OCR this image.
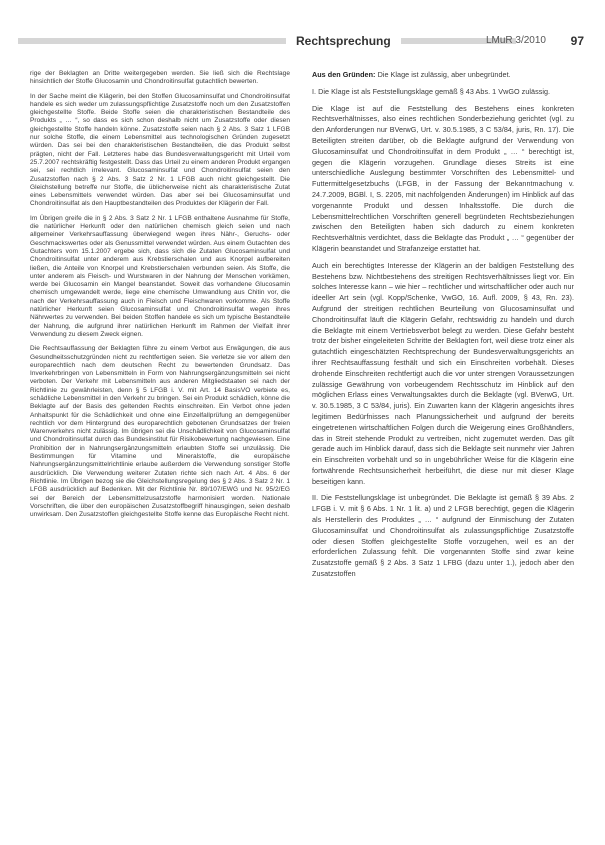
Rechtsprechung	LMuR 3/2010 97

rige der Beklagten an Dritte weitergegeben werden. Sie ließ sich die Rechtslage hinsichtlich der Stoffe Glucosamin und Chondroitinsulfat gutachtlich bewerten.

In der Sache meint die Klägerin, bei den Stoffen Glucosaminsulfat und Chondroitinsulfat handele es sich weder um zulassungspflichtige Zusatzstoffe noch um den Zusatzstoffen gleichgestellte Stoffe. Beide Stoffe seien die charakteristischen Bestandteile des Produkts „ … “, so dass es sich schon deshalb nicht um Zusatzstoffe oder diesen gleichgestellte Stoffe handeln könne. Zusatzstoffe seien nach § 2 Abs. 3 Satz 1 LFGB nur solche Stoffe, die einem Lebensmittel aus technologischen Gründen zugesetzt würden. Das sei bei den charakteristischen Bestandteilen, die das Produkt selbst prägten, nicht der Fall. Letzteres habe das Bundesverwaltungsgericht mit Urteil vom 25.7.2007 rechtskräftig festgestellt. Dass das Urteil zu einem anderen Produkt ergangen sei, sei rechtlich irrelevant. Glucosaminsulfat und Chondroitinsulfat seien den Zusatzstoffen nach § 2 Abs. 3 Satz 2 Nr. 1 LFGB auch nicht gleichgestellt. Die Gleichstellung betreffe nur Stoffe, die üblicherweise nicht als charakteristische Zutat eines Lebensmittels verwendet würden. Das aber sei bei Glucosaminsulfat und Chondroitinsulfat als den Hauptbestandteilen des Produktes der Klägerin der Fall.

Im Übrigen greife die in § 2 Abs. 3 Satz 2 Nr. 1 LFGB enthaltene Ausnahme für Stoffe, die natürlicher Herkunft oder den natürlichen chemisch gleich seien und nach allgemeiner Verkehrsauffassung überwiegend wegen ihres Nähr-, Geruchs- oder Geschmackswertes oder als Genussmittel verwendet würden. Aus einem Gutachten des Gutachters vom 15.1.2007 ergebe sich, dass sich die Zutaten Glucosaminsulfat und Chondroitinsulfat unter anderem aus Krebstierschalen und aus Knorpel aufbereiten ließen, die Anteile von Knorpel und Krebstierschalen verbunden seien. Als Stoffe, die unter anderem als Fleisch- und Wurstwaren in der Nahrung der Menschen vorkämen, werde bei Glucosamin ein Mangel beanstandet. Soweit das vorhandene Glucosamin chemisch umgewandelt werde, liege eine chemische Umwandlung aus Chitin vor, die nach der Verkehrsauffassung auch in Fleisch und Fleischwaren vorkomme. Als Stoffe natürlicher Herkunft seien Glucosaminsulfat und Chondroitinsulfat wegen ihres Nährwertes zu verwenden. Bei beiden Stoffen handele es sich um typische Bestandteile der Nahrung, die aufgrund ihrer natürlichen Herkunft im Rahmen der Vielfalt ihrer Verwendung zu diesem Zweck eignen.

Die Rechtsauffassung der Beklagten führe zu einem Verbot aus Erwägungen, die aus Gesundheitsschutzgründen nicht zu rechtfertigen seien. Sie verletze sie vor allem den europarechtlich nach dem deutschen Recht zu bewertenden Grundsatz. Das Inverkehrbringen von Lebensmitteln in Form von Nahrungsergänzungsmitteln sei nicht verboten. Der Verkehr mit Lebensmitteln aus anderen Mitgliedstaaten sei nach der Richtlinie zu gewährleisten, denn § 5 LFGB i. V. mit Art. 14 BasisVO verbiete es, schädliche Lebensmittel in den Verkehr zu bringen. Sei ein Produkt schädlich, könne die Beklagte auf der Basis des geltenden Rechts einschreiten. Ein Verbot ohne jeden Anhaltspunkt für die Schädlichkeit und ohne eine Einzelfallprüfung an demgegenüber rechtlich vor dem Hintergrund des europarechtlich gebotenen Grundsatzes der freien Warenverkehrs nicht zulässig. Im übrigen sei die Unschädlichkeit von Glucosaminsulfat und Chondroitinsulfat durch das Bundesinstitut für Risikobewertung nachgewiesen. Eine Prohibition der in Nahrungsergänzungsmitteln erlaubten Stoffe sei unzulässig. Die Bestimmungen für Vitamine und Mineralstoffe, die europäische Nahrungsergänzungsmittelrichtlinie erlaube außerdem die Verwendung sonstiger Stoffe ausdrücklich. Die Verwendung weiterer Zutaten richte sich nach Art. 4 Abs. 6 der Richtlinie. Im Übrigen bezog sie die Gleichstellungsregelung des § 2 Abs. 3 Satz 2 Nr. 1 LFGB ausdrücklich auf Bedenken. Mit der Richtlinie Nr. 89/107/EWG und Nr. 95/2/EG sei der Bereich der Lebensmittelzusatzstoffe harmonisiert worden. Nationale Vorschriften, die über den europäischen Zusatzstoffbegriff hinausgingen, seien deshalb unwirksam. Den Zusatzstoffen gleichgestellte Stoffe kenne das Europäische Recht nicht.

Aus den Gründen: Die Klage ist zulässig, aber unbegründet.

I. Die Klage ist als Feststellungsklage gemäß § 43 Abs. 1 VwGO zulässig.

Die Klage ist auf die Feststellung des Bestehens eines konkreten Rechtsverhältnisses, also eines rechtlichen Sonderbeziehung gerichtet (vgl. zu den Anforderungen nur BVerwG, Urt. v. 30.5.1985, 3 C 53/84, juris, Rn. 17). Die Beteiligten streiten darüber, ob die Beklagte aufgrund der Verwendung von Glucosaminsulfat und Chondroitinsulfat in dem Produkt „ … “ berechtigt ist, gegen die Klägerin vorzugehen. Grundlage dieses Streits ist eine unterschiedliche Auslegung bestimmter Vorschriften des Lebensmittel- und Futtermittelgesetzbuchs (LFGB, in der Fassung der Bekanntmachung v. 24.7.2009, BGBl. I, S. 2205, mit nachfolgenden Änderungen) im Hinblick auf das vorgenannte Produkt und dessen Inhaltsstoffe. Die durch die Lebensmittelrechtlichen Vorschriften generell begründeten Rechtsbeziehungen zwischen den Beteiligten haben sich dadurch zu einem konkreten Rechtsverhältnis verdichtet, dass die Beklagte das Produkt „ … “ gegenüber der Klägerin beanstandet und Strafanzeige erstattet hat.

Auch ein berechtigtes Interesse der Klägerin an der baldigen Feststellung des Bestehens bzw. Nichtbestehens des streitigen Rechtsverhältnisses liegt vor. Ein solches Interesse kann – wie hier – rechtlicher und wirtschaftlicher oder auch nur ideeller Art sein (vgl. Kopp/Schenke, VwGO, 16. Aufl. 2009, § 43, Rn. 23). Aufgrund der streitigen rechtlichen Beurteilung von Glucosaminsulfat und Chondroitinsulfat läuft die Klägerin Gefahr, rechtswidrig zu handeln und durch die Beklagte mit einem Vertriebsverbot belegt zu werden. Diese Gefahr besteht trotz der bisher eingeleiteten Schritte der Beklagten fort, weil diese trotz einer als gutachtlich eingeschätzten Rechtsprechung der Bundesverwaltungsgerichts an ihrer Rechtsauffassung festhält und sich ein Einschreiten vorbehält. Dieses drohende Einschreiten rechtfertigt auch die vor unter strengen Voraussetzungen zulässige Gewährung von vorbeugendem Rechtsschutz im Hinblick auf den möglichen Erlass eines Verwaltungsaktes durch die Beklagte (vgl. BVerwG, Urt. v. 30.5.1985, 3 C 53/84, juris). Ein Zuwarten kann der Klägerin angesichts ihres legitimen Bedürfnisses nach Planungssicherheit und aufgrund der bereits eingetretenen wirtschaftlichen Folgen durch die Weigerung eines Großhändlers, das in Streit stehende Produkt zu vertreiben, nicht zugemutet werden. Das gilt gerade auch im Hinblick darauf, dass sich die Beklagte seit nunmehr vier Jahren ein Einschreiten vorbehält und so in ungebührlicher Weise für die Klägerin eine fortwährende Rechtsunsicherheit herbeiführt, die diese nur mit dieser Klage beseitigen kann.

II. Die Feststellungsklage ist unbegründet. Die Beklagte ist gemäß § 39 Abs. 2 LFGB i. V. mit § 6 Abs. 1 Nr. 1 lit. a) und 2 LFGB berechtigt, gegen die Klägerin als Herstellerin des Produktes „ … “ aufgrund der Einmischung der Zutaten Glucosaminsulfat und Chondroitinsulfat als zulassungspflichtige Zusatzstoffe oder diesen Stoffen gleichgestellte Stoffe vorzugehen, weil es an der erforderlichen Zulassung fehlt. Die vorgenannten Stoffe sind zwar keine Zusatzstoffe gemäß § 2 Abs. 3 Satz 1 LFBG (dazu unter 1.), jedoch aber den Zusatzstoffen
